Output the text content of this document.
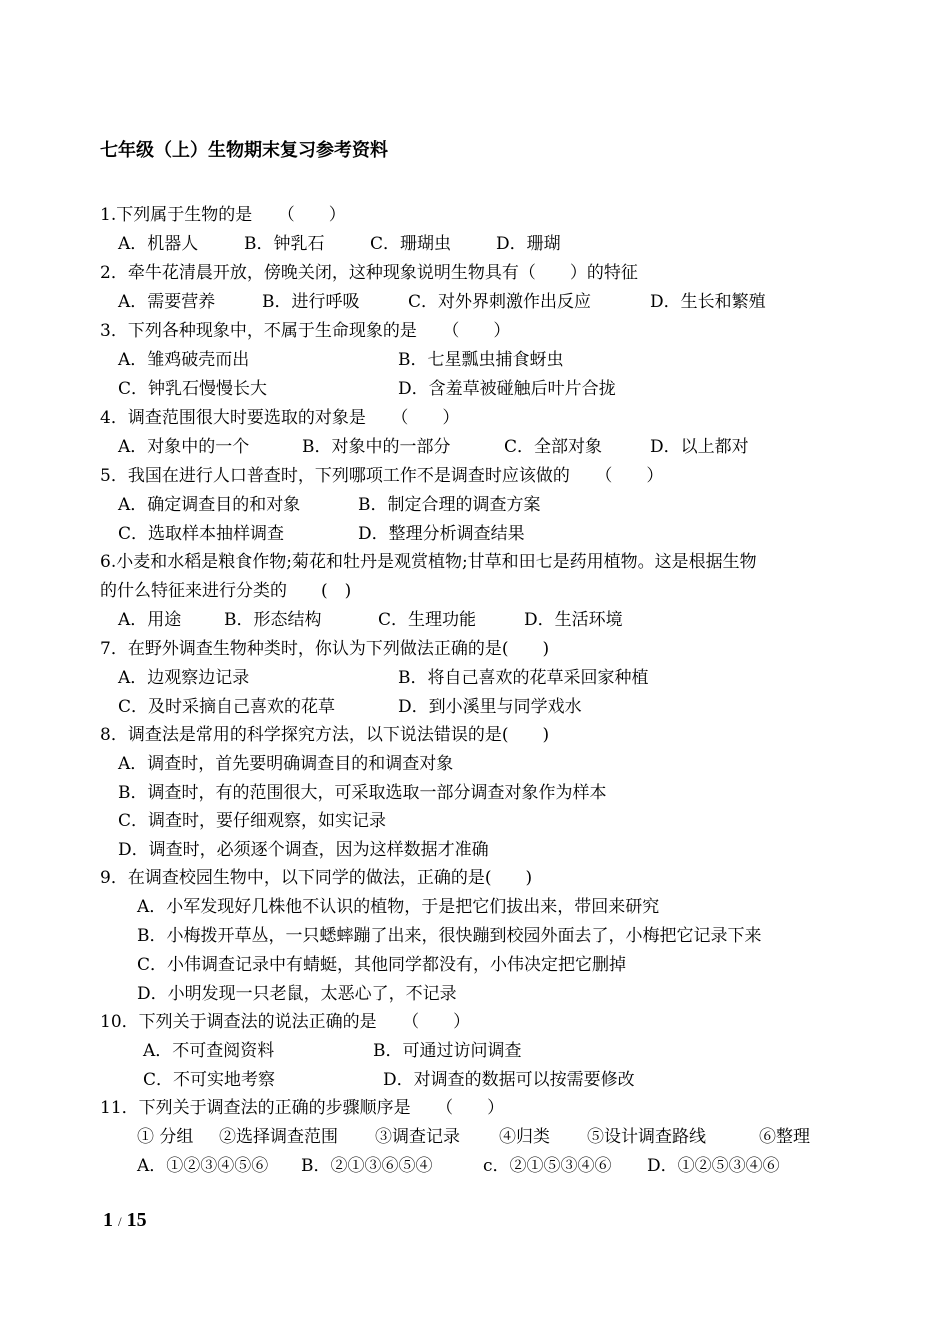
七年级（上）生物期末复习参考资料
1.下列属于生物的是　　（　　）
A．机器人	B．钟乳石	C．珊瑚虫	D．珊瑚
2．牵牛花清晨开放，傍晚关闭，这种现象说明生物具有（　　）的特征
A．需要营养	B．进行呼吸	C．对外界刺激作出反应	D．生长和繁殖
3．下列各种现象中，不属于生命现象的是　　（　　）
A．雏鸡破壳而出	B．七星瓢虫捕食蚜虫
C．钟乳石慢慢长大	D．含羞草被碰触后叶片合拢
4．调查范围很大时要选取的对象是　　（　　）
A．对象中的一个	B．对象中的一部分	C．全部对象	D．以上都对
5．我国在进行人口普查时，下列哪项工作不是调查时应该做的　　（　　）
A．确定调查目的和对象	B．制定合理的调查方案
C．选取样本抽样调查	D．整理分析调查结果
6.小麦和水稻是粮食作物;菊花和牡丹是观赏植物;甘草和田七是药用植物。这是根据生物
的什么特征来进行分类的　　(　)
A．用途	B．形态结构	C．生理功能	D．生活环境
7．在野外调查生物种类时，你认为下列做法正确的是(　　)
A．边观察边记录	B．将自己喜欢的花草采回家种植
C．及时采摘自己喜欢的花草	D．到小溪里与同学戏水
8．调查法是常用的科学探究方法，以下说法错误的是(　　)
A．调查时，首先要明确调查目的和调查对象
B．调查时，有的范围很大，可采取选取一部分调查对象作为样本
C．调查时，要仔细观察，如实记录
D．调查时，必须逐个调查，因为这样数据才准确
9．在调查校园生物中，以下同学的做法，正确的是(　　)
A．小军发现好几株他不认识的植物，于是把它们拔出来，带回来研究
B．小梅拨开草丛，一只蟋蟀蹦了出来，很快蹦到校园外面去了，小梅把它记录下来
C．小伟调查记录中有蜻蜓，其他同学都没有，小伟决定把它删掉
D．小明发现一只老鼠，太恶心了，不记录
10．下列关于调查法的说法正确的是　　（　　）
A．不可查阅资料	B．可通过访问调查
C．不可实地考察	D．对调查的数据可以按需要修改
11．下列关于调查法的正确的步骤顺序是　　（　　）
① 分组 ②选择调查范围 ③调查记录 ④归类 ⑤设计调查路线	⑥整理
A．①②③④⑤⑥ B．②①③⑥⑤④	c．②①⑤③④⑥ D．①②⑤③④⑥
1 / 15
